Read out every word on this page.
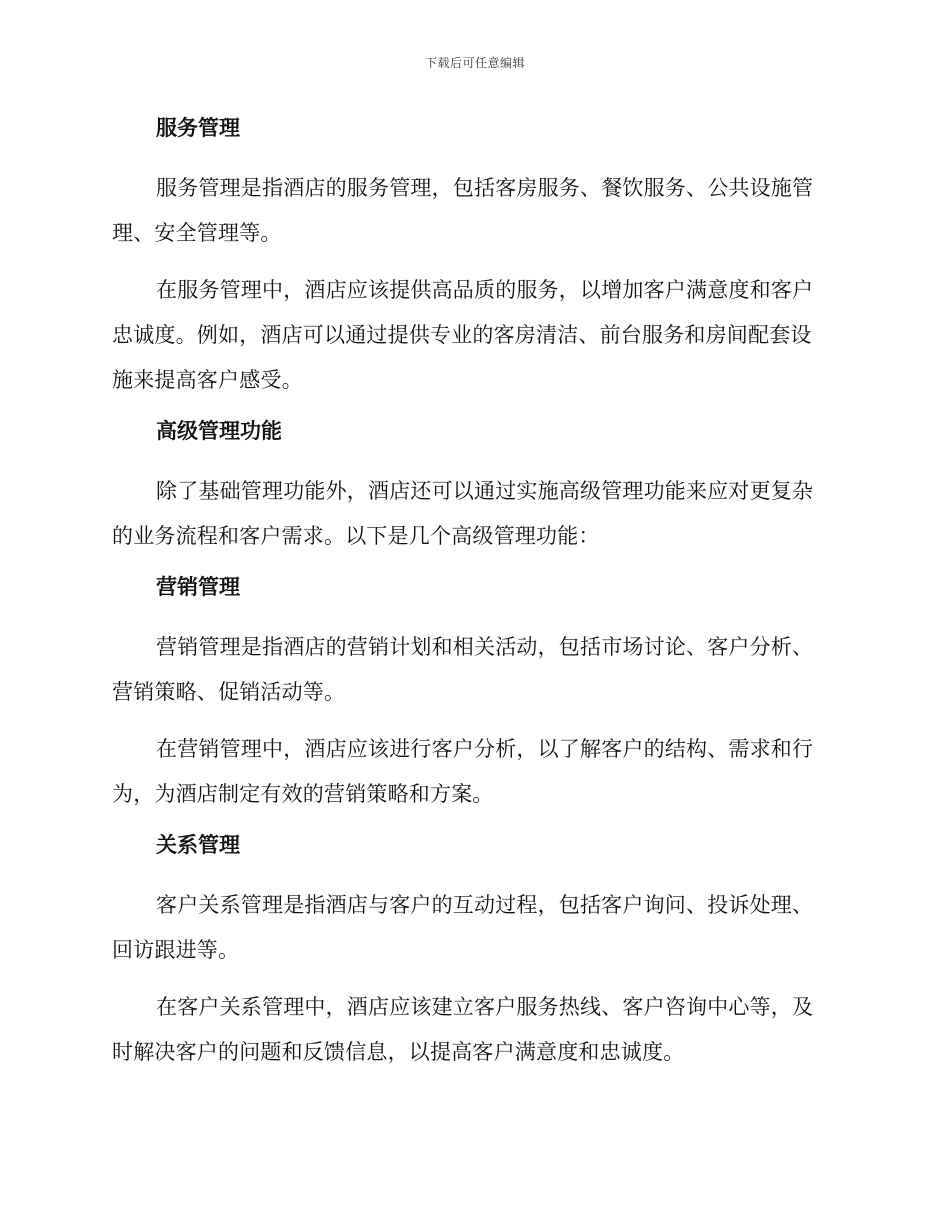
下载后可任意编辑
服务管理

服务管理是指酒店的服务管理，包括客房服务、餐饮服务、公共设施管理、安全管理等。

在服务管理中，酒店应该提供高品质的服务，以增加客户满意度和客户忠诚度。例如，酒店可以通过提供专业的客房清洁、前台服务和房间配套设施来提高客户感受。

高级管理功能

除了基础管理功能外，酒店还可以通过实施高级管理功能来应对更复杂的业务流程和客户需求。以下是几个高级管理功能：

营销管理

营销管理是指酒店的营销计划和相关活动，包括市场讨论、客户分析、营销策略、促销活动等。

在营销管理中，酒店应该进行客户分析，以了解客户的结构、需求和行为，为酒店制定有效的营销策略和方案。

关系管理

客户关系管理是指酒店与客户的互动过程，包括客户询问、投诉处理、回访跟进等。

在客户关系管理中，酒店应该建立客户服务热线、客户咨询中心等，及时解决客户的问题和反馈信息，以提高客户满意度和忠诚度。
